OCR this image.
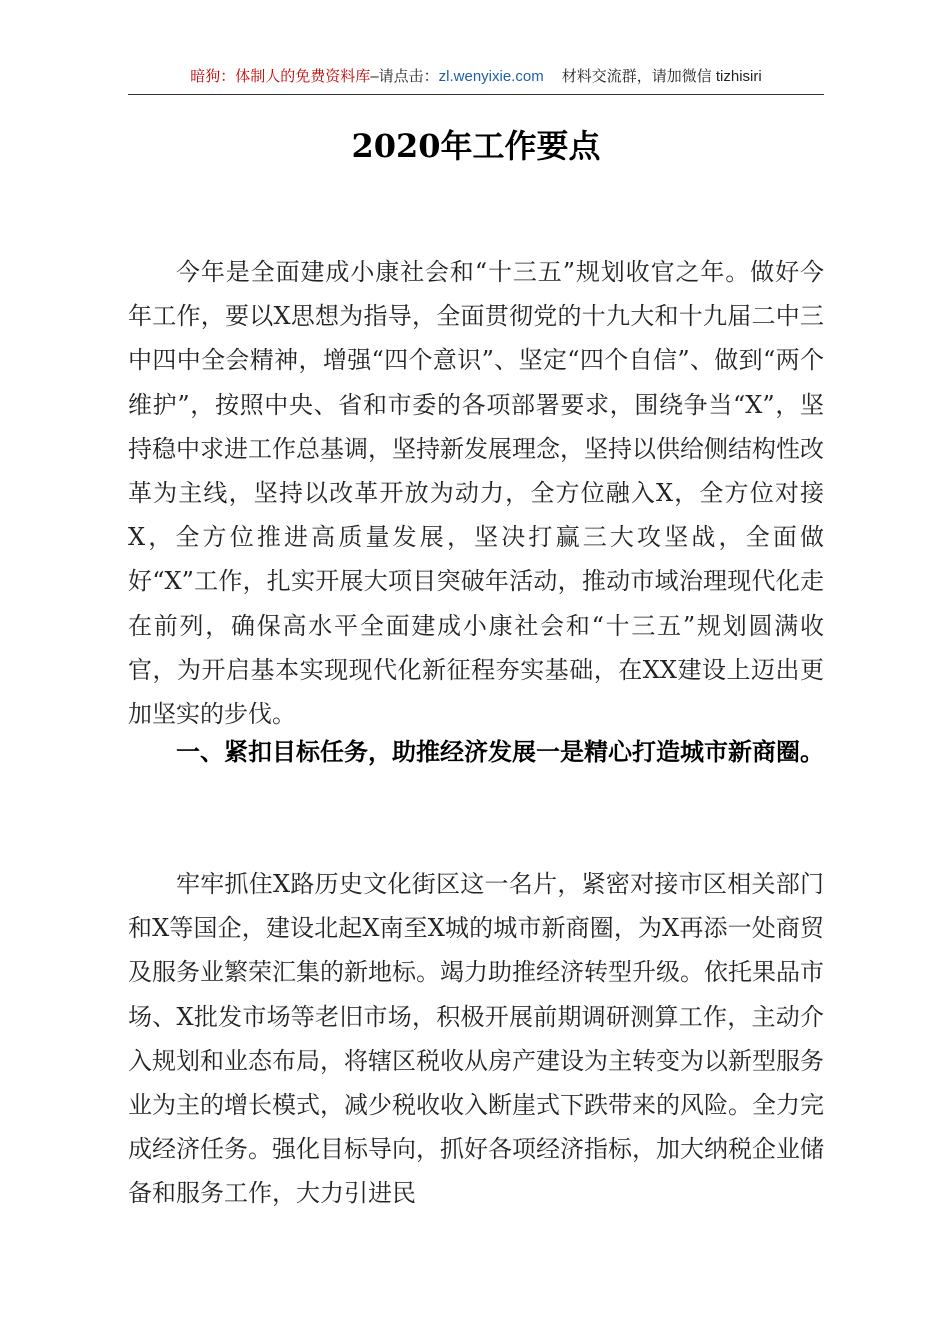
暗狗：体制人的免费资料库–请点击：zl.wenyixie.com 材料交流群，请加微信 tizhisiri
2020年工作要点

今年是全面建成小康社会和“十三五”规划收官之年。做好今年工作，要以X思想为指导，全面贯彻党的十九大和十九届二中三中四中全会精神，增强“四个意识”、坚定“四个自信”、做到“两个维护”，按照中央、省和市委的各项部署要求，围绕争当“X”，坚持稳中求进工作总基调，坚持新发展理念，坚持以供给侧结构性改革为主线，坚持以改革开放为动力，全方位融入X，全方位对接X，全方位推进高质量发展，坚决打赢三大攻坚战，全面做好“X”工作，扎实开展大项目突破年活动，推动市域治理现代化走在前列，确保高水平全面建成小康社会和“十三五”规划圆满收官，为开启基本实现现代化新征程夯实基础，在XX建设上迈出更加坚实的步伐。

一、紧扣目标任务，助推经济发展一是精心打造城市新商圈。

牢牢抓住X路历史文化街区这一名片，紧密对接市区相关部门和X等国企，建设北起X南至X城的城市新商圈，为X再添一处商贸及服务业繁荣汇集的新地标。竭力助推经济转型升级。依托果品市场、X批发市场等老旧市场，积极开展前期调研测算工作，主动介入规划和业态布局，将辖区税收从房产建设为主转变为以新型服务业为主的增长模式，减少税收收入断崖式下跌带来的风险。全力完成经济任务。强化目标导向，抓好各项经济指标，加大纳税企业储备和服务工作，大力引进民
